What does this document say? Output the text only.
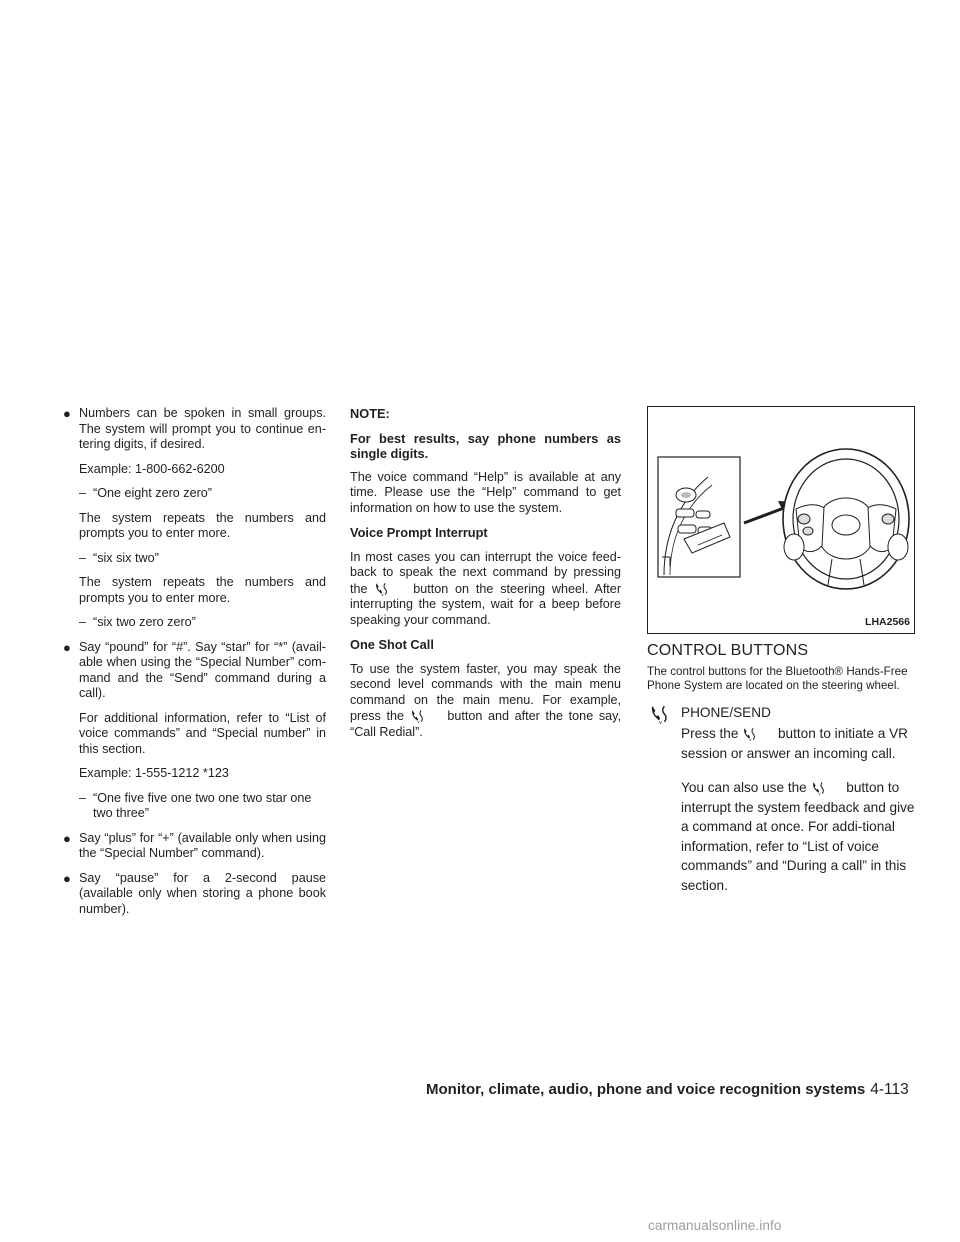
● Numbers can be spoken in small groups. The system will prompt you to continue en-tering digits, if desired.

Example: 1-800-662-6200

– “One eight zero zero”

The system repeats the numbers and prompts you to enter more.

– “six six two”

The system repeats the numbers and prompts you to enter more.

– “six two zero zero”
● Say “pound” for “#”. Say “star” for “*” (avail-able when using the “Special Number” com-mand and the “Send” command during a call).

For additional information, refer to “List of voice commands” and “Special number” in this section.

Example: 1-555-1212 *123

– “One five five one two one two star one two three”
● Say “plus” for “+” (available only when using the “Special Number” command).

● Say “pause” for a 2-second pause (available only when storing a phone book number).

NOTE:

For best results, say phone numbers as single digits.

The voice command “Help” is available at any time. Please use the “Help” command to get information on how to use the system.

Voice Prompt Interrupt

In most cases you can interrupt the voice feed-back to speak the next command by pressing the	button on the steering wheel. After interrupting the system, wait for a beep before speaking your command.

One Shot Call

To use the system faster, you may speak the second level commands with the main menu command on the main menu. For example, press the	button and after the tone say, “Call Redial”.

LHA2566
CONTROL BUTTONS

The control buttons for the Bluetooth® Hands-Free Phone System are located on the steering wheel.

PHONE/SEND

Press the	button to initiate a VR session or answer an incoming call.

You can also use the	button to interrupt the system feedback and give a command at once. For addi-tional information, refer to “List of voice commands” and “During a call” in this section.

Monitor, climate, audio, phone and voice recognition systems 4-113
carmanualsonline.info
